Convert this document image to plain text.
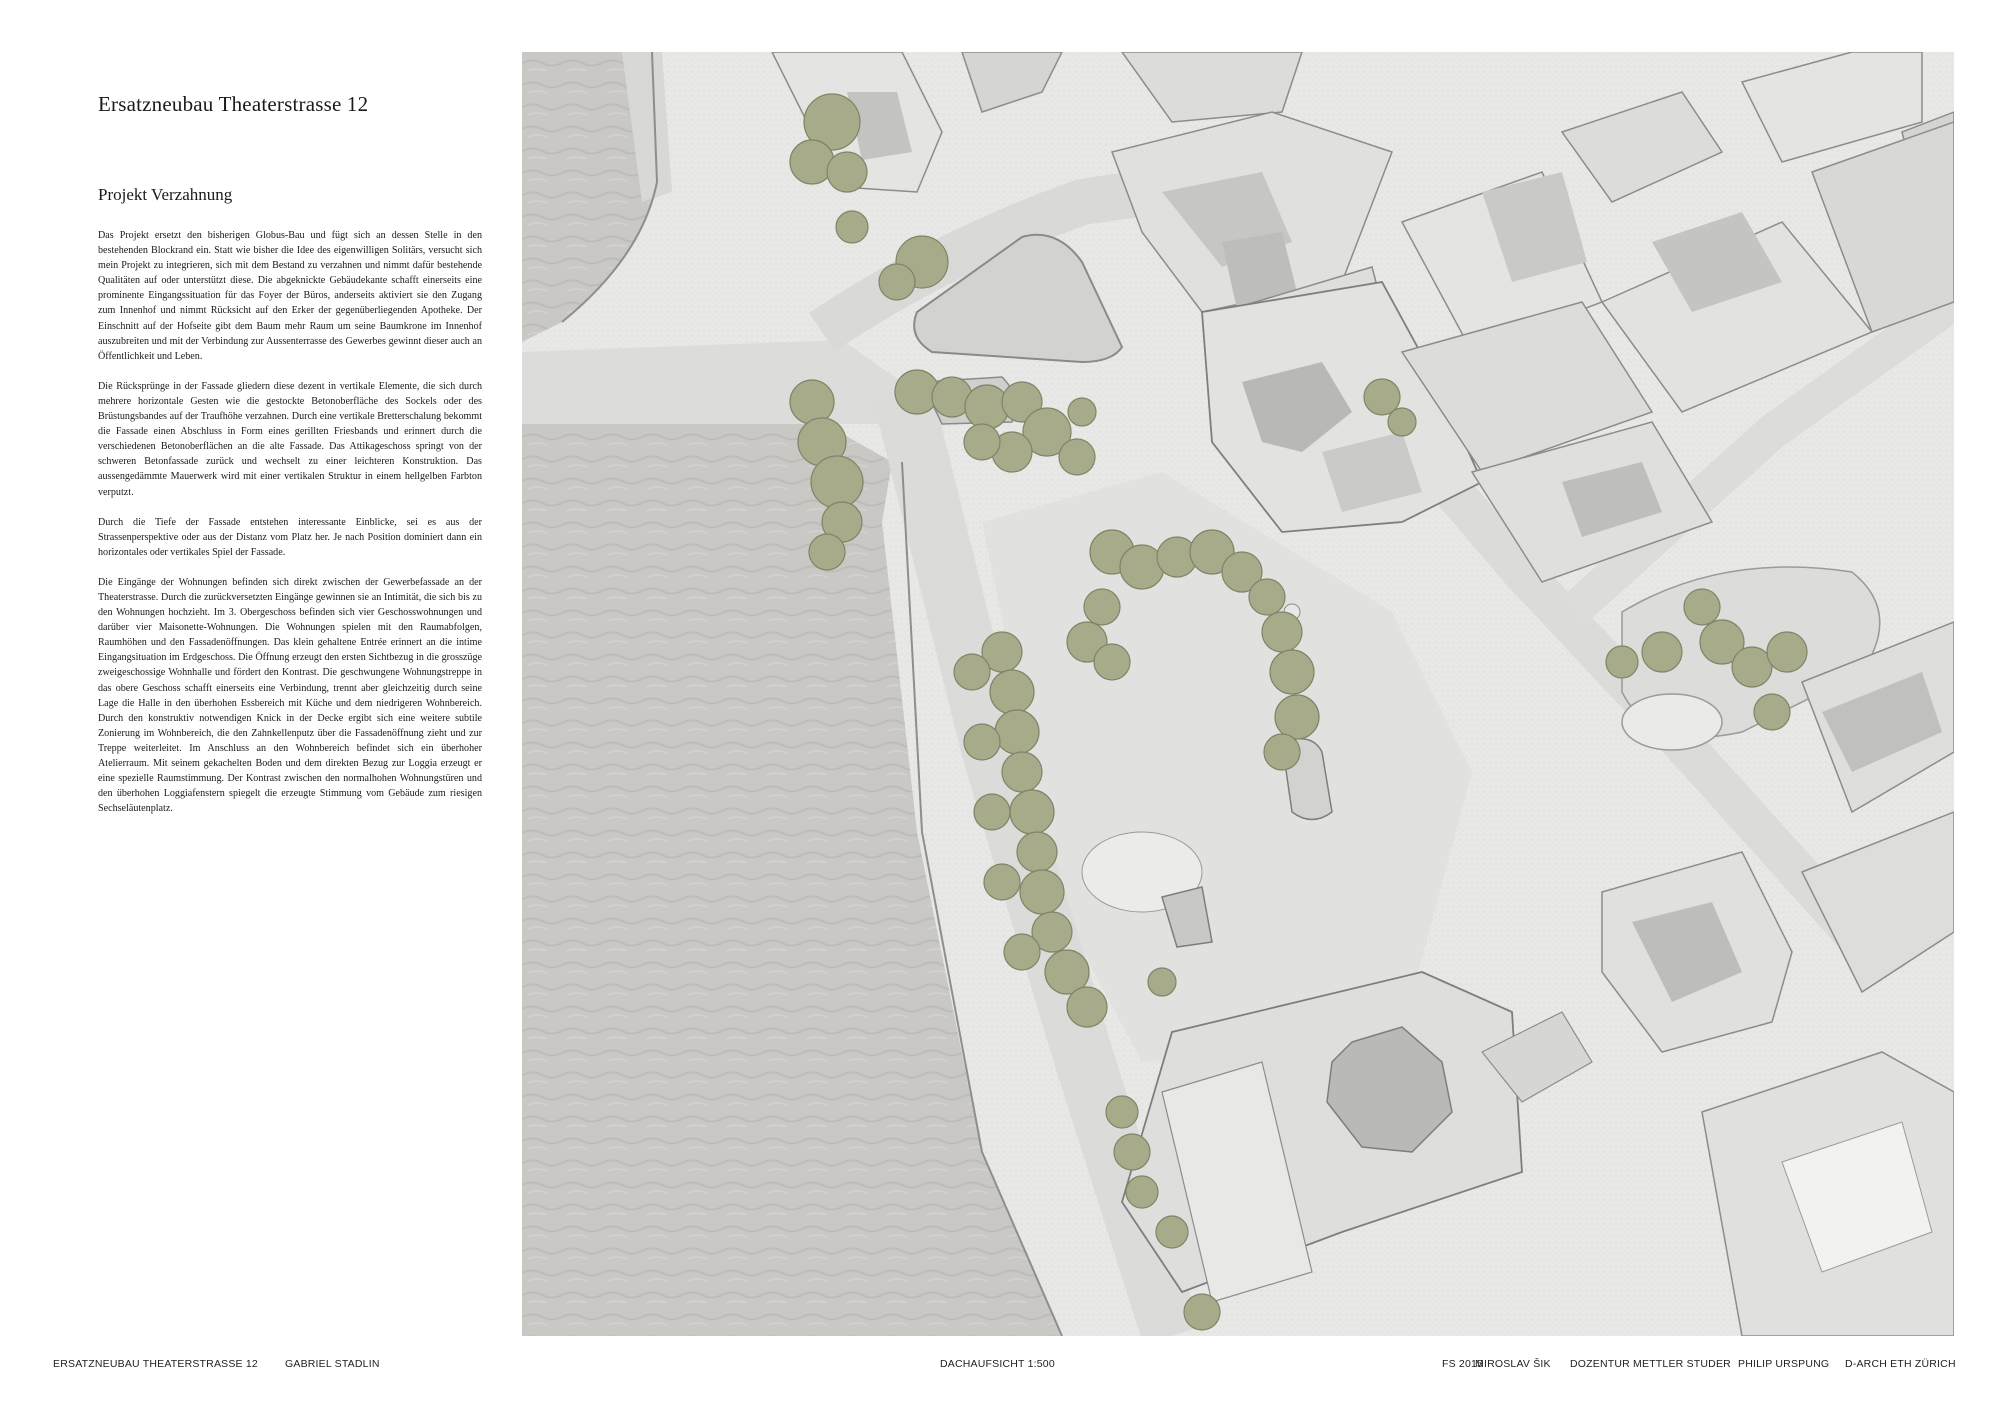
Ersatzneubau Theaterstrasse 12
Projekt Verzahnung

Das Projekt ersetzt den bisherigen Globus-Bau und fügt sich an dessen Stelle in den bestehenden Blockrand ein. Statt wie bisher die Idee des eigenwilligen Solitärs, versucht sich mein Projekt zu integrieren, sich mit dem Bestand zu verzahnen und nimmt dafür bestehende Qualitäten auf oder unterstützt diese. Die abgeknickte Gebäudekante schafft einerseits eine prominente Eingangssituation für das Foyer der Büros, anderseits aktiviert sie den Zugang zum Innenhof und nimmt Rücksicht auf den Erker der gegenüberliegenden Apotheke. Der Einschnitt auf der Hofseite gibt dem Baum mehr Raum um seine Baumkrone im Innenhof auszubreiten und mit der Verbindung zur Aussenterrasse des Gewerbes gewinnt dieser auch an Öffentlichkeit und Leben.

Die Rücksprünge in der Fassade gliedern diese dezent in vertikale Elemente, die sich durch mehrere horizontale Gesten wie die gestockte Betonoberfläche des Sockels oder des Brüstungsbandes auf der Traufhöhe verzahnen. Durch eine vertikale Bretterschalung bekommt die Fassade einen Abschluss in Form eines gerillten Friesbands und erinnert durch die verschiedenen Betonoberflächen an die alte Fassade. Das Attikageschoss springt von der schweren Betonfassade zurück und wechselt zu einer leichteren Konstruktion. Das aussengedämmte Mauerwerk wird mit einer vertikalen Struktur in einem hellgelben Farbton verputzt.

Durch die Tiefe der Fassade entstehen interessante Einblicke, sei es aus der Strassenperspektive oder aus der Distanz vom Platz her. Je nach Position dominiert dann ein horizontales oder vertikales Spiel der Fassade.

Die Eingänge der Wohnungen befinden sich direkt zwischen der Gewerbefassade an der Theaterstrasse. Durch die zurückversetzten Eingänge gewinnen sie an Intimität, die sich bis zu den Wohnungen hochzieht. Im 3. Obergeschoss befinden sich vier Geschosswohnungen und darüber vier Maisonette-Wohnungen. Die Wohnungen spielen mit den Raumabfolgen, Raumhöhen und den Fassadenöffnungen. Das klein gehaltene Entrée erinnert an die intime Eingangsituation im Erdgeschoss. Die Öffnung erzeugt den ersten Sichtbezug in die grosszüge zweigeschossige Wohnhalle und fördert den Kontrast. Die geschwungene Wohnungstreppe in das obere Geschoss schafft einerseits eine Verbindung, trennt aber gleichzeitig durch seine Lage die Halle in den überhohen Essbereich mit Küche und dem niedrigeren Wohnbereich. Durch den konstruktiv notwendigen Knick in der Decke ergibt sich eine weitere subtile Zonierung im Wohnbereich, die den Zahnkellenputz über die Fassadenöffnung zieht und zur Treppe weiterleitet. Im Anschluss an den Wohnbereich befindet sich ein überhoher Atelierraum. Mit seinem gekachelten Boden und dem direkten Bezug zur Loggia erzeugt er eine spezielle Raumstimmung. Der Kontrast zwischen den normalhohen Wohnungstüren und den überhohen Loggiafenstern spiegelt die erzeugte Stimmung vom Gebäude zum riesigen Sechseläutenplatz.

ERSATZNEUBAU THEATERSTRASSE 12	GABRIEL STADLIN	DACHAUFSICHT 1:500	FS 2015
MIROSLAV ŠIK DOZENTUR METTLER STUDER PHILIP URSPUNG D-ARCH ETH ZÜRICH
